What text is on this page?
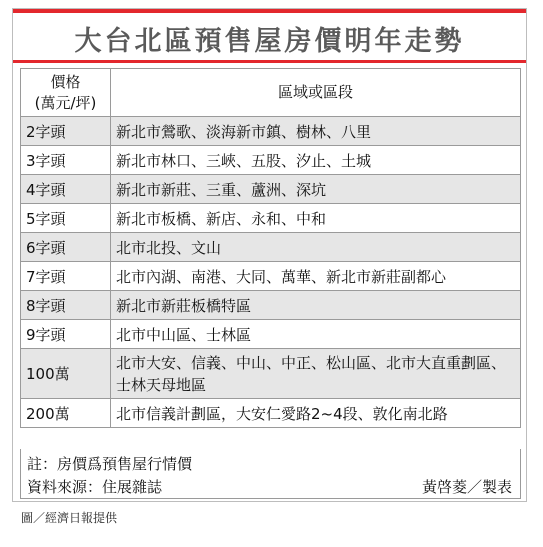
大台北區預售屋房價明年走勢
價格
(萬元/坪)	區域或區段
2字頭	新北市鶯歌、淡海新市鎮、樹林、八里
3字頭	新北市林口、三峽、五股、汐止、土城
4字頭	新北市新莊、三重、蘆洲、深坑
5字頭	新北市板橋、新店、永和、中和
6字頭	北市北投、文山
7字頭	北市內湖、南港、大同、萬華、新北市新莊副都心
8字頭	新北市新莊板橋特區
9字頭	北市中山區、士林區
100萬	北市大安、信義、中山、中正、松山區、北市大直重劃區、士林天母地區
200萬	北市信義計劃區，大安仁愛路2~4段、敦化南北路
註：房價爲預售屋行情價
資料來源：住展雜誌	黃啓菱／製表
圖／經濟日報提供
